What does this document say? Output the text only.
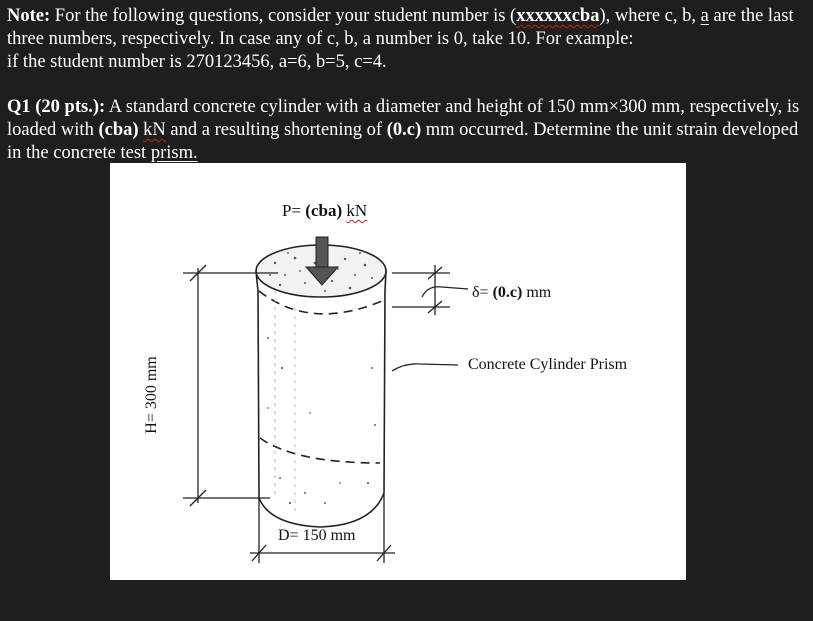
Note: For the following questions, consider your student number is (xxxxxxcba), where c, b, a are the last three numbers, respectively. In case any of c, b, a number is 0, take 10. For example:
if the student number is 270123456, a=6, b=5, c=4.

Q1 (20 pts.): A standard concrete cylinder with a diameter and height of 150 mm×300 mm, respectively, is loaded with (cba) kN and a resulting shortening of (0.c) mm occurred. Determine the unit strain developed in the concrete test prism.

P= (cba) kN
δ= (0.c) mm
Concrete Cylinder Prism
H= 300 mm
D= 150 mm
